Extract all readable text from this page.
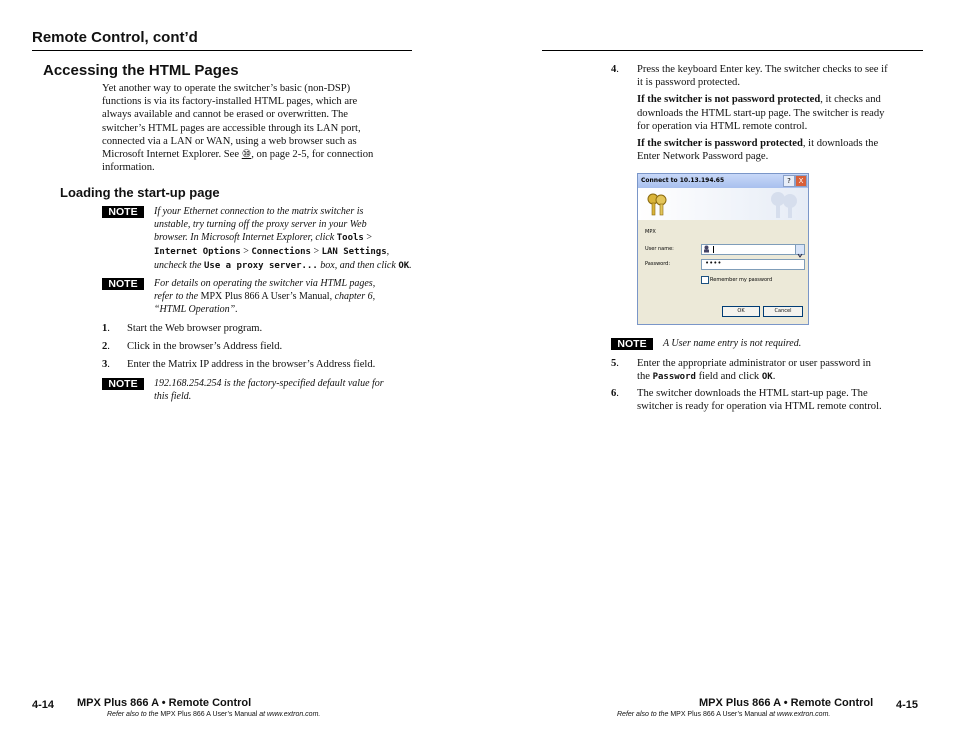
Remote Control, cont’d
Accessing the HTML Pages
Yet another way to operate the switcher’s basic (non-DSP)
functions is via its factory-installed HTML pages, which are
always available and cannot be erased or overwritten. The
switcher’s HTML pages are accessible through its LAN port,
connected via a LAN or WAN, using a web browser such as
Microsoft Internet Explorer. See ⑩, on page 2-5, for connection
information.
Loading the start-up page
NOTE	If your Ethernet connection to the matrix switcher is
unstable, try turning off the proxy server in your Web
browser. In Microsoft Internet Explorer, click Tools >
Internet Options > Connections > LAN Settings,
uncheck the Use a proxy server... box, and then click OK.
NOTE	For details on operating the switcher via HTML pages,
refer to the MPX Plus 866 A User’s Manual, chapter 6,
“HTML Operation”.
1. Start the Web browser program.
2. Click in the browser’s Address field.
3. Enter the Matrix IP address in the browser’s Address field.
NOTE	192.168.254.254 is the factory-specified default value for
this field.
4-14 MPX Plus 866 A • Remote Control
Refer also to the MPX Plus 866 A User’s Manual at www.extron.com.
4. Press the keyboard Enter key. The switcher checks to see if
it is password protected.
If the switcher is not password protected, it checks and
downloads the HTML start-up page. The switcher is ready
for operation via HTML remote control.
If the switcher is password protected, it downloads the
Enter Network Password page.
Connect to 10.13.194.65	?	X
MPX
User name:
Password:	••••
Remember my password
OK	Cancel
NOTE	A User name entry is not required.
5. Enter the appropriate administrator or user password in
the Password field and click OK.
6. The switcher downloads the HTML start-up page. The
switcher is ready for operation via HTML remote control.
MPX Plus 866 A • Remote Control 4-15
Refer also to the MPX Plus 866 A User’s Manual at www.extron.com.
